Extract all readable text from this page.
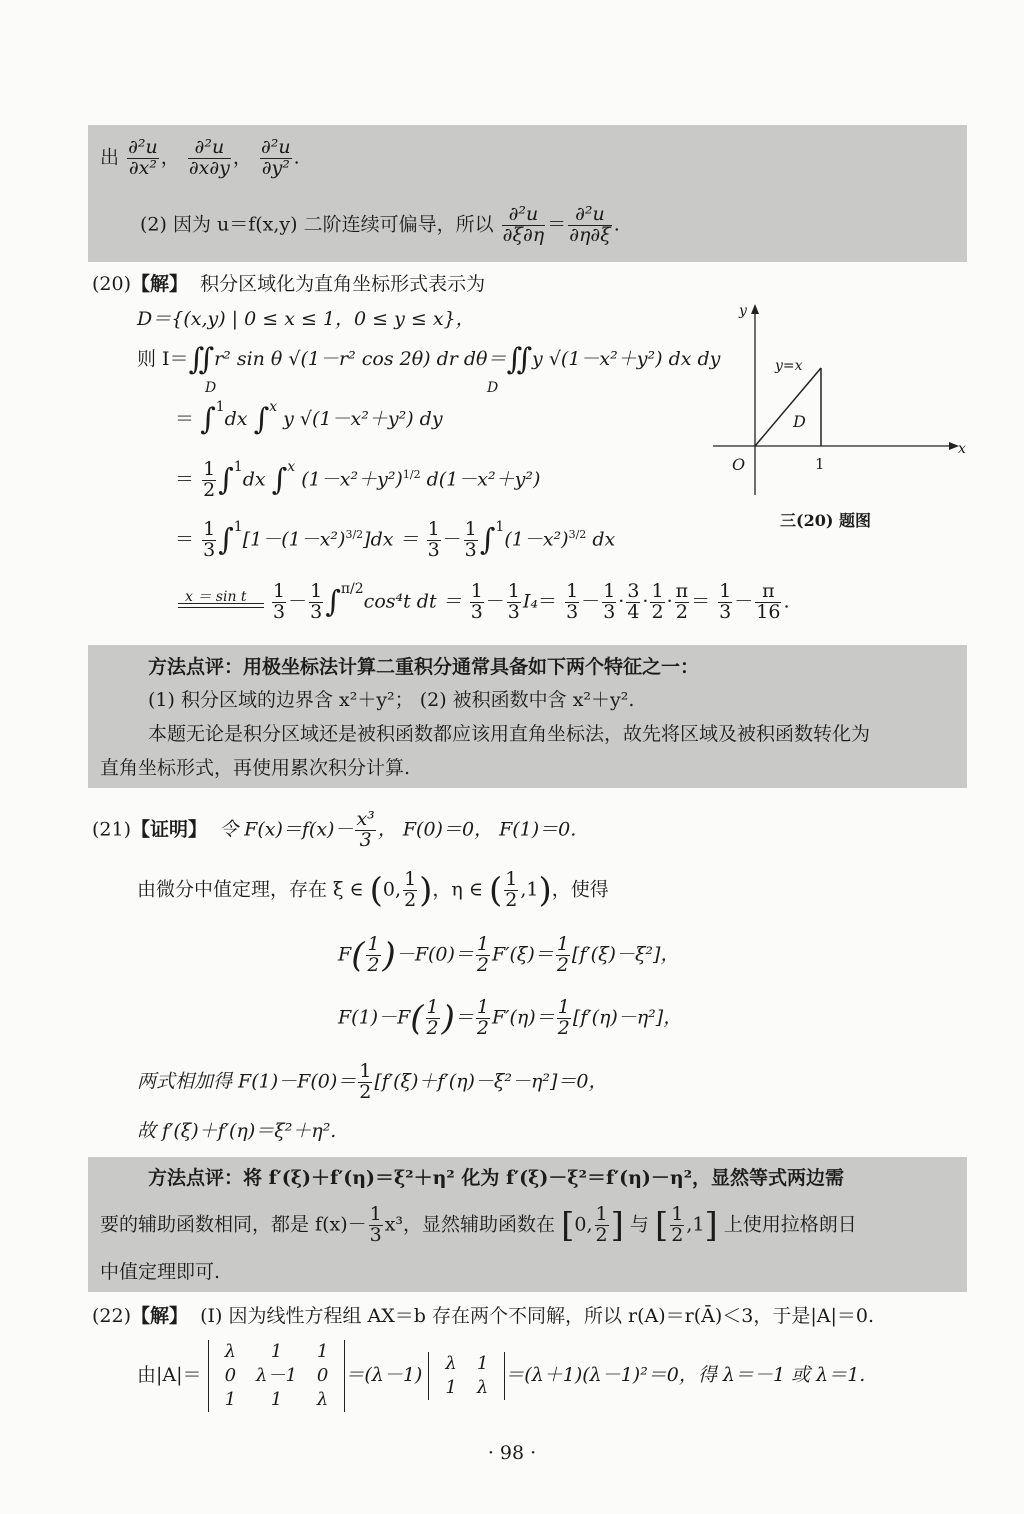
出 $\frac{\text{∂²u}}{\text{∂x²}}$ ， $\frac{\text{∂²u}}{\partial x\partial y}$ ， $\frac{\text{∂²u}}{\text{∂y²}}$ .
(2) 因为 u＝f(x,y) 二阶连续可偏导，所以 $\frac{\text{∂²u}}{\partial\xi\partial\eta} = \frac{\text{∂²u}}{\partial\eta\partial\xi}$ .
(20)【解】 积分区域化为直角坐标形式表示为
D＝{(x,y) | 0 ≤ x ≤ 1，0 ≤ y ≤ x}，
则 I＝∬r² sin θ √(1－r² cos 2θ) dr dθ＝∬y √(1－x²＋y²) dx dy
D	D
＝ ∫$^1$dx ∫$^x$ y √(1－x²＋y²) dy
＝ $\frac{1}{2} \int^1dx$ ∫$^x$ $(1-x^2+y^2)^{1/2}$ d(1－x²＋y²)
＝ $\frac{1}{3} \int^1[1-(1-x^2)^{3/2}]dx = \frac{1}{3} - \frac{1}{3} \int^1(1-x^2)^{3/2}$ dx
x ＝ sin t $\frac{1}{3} - \frac{1}{3} \int^{\pi/2}\cos^4t$ dt ＝ $\frac{1}{3} - \frac{1}{3} I_4= \frac{1}{3} - \frac{1}{3} \cdot \frac{3}{4} \cdot \frac{1}{2} \cdot \frac{\pi}{2} = \frac{1}{3} - \frac{\pi}{16}$ .
y
x
y=x
D
O	1
三(20) 题图
方法点评：用极坐标法计算二重积分通常具备如下两个特征之一：
(1) 积分区域的边界含 x²＋y²； (2) 被积函数中含 x²＋y².
本题无论是积分区域还是被积函数都应该用直角坐标法，故先将区域及被积函数转化为
直角坐标形式，再使用累次积分计算.
(21)【证明】 令 $F(x)=f(x)- \frac{\text{x³}}{3}$ ， F(0)＝0， F(1)＝0.
由微分中值定理，存在 ξ ∈ (0, $\frac{1}{2}$ )，η ∈ ( $\frac{1}{2} ,1$)，使得
$F( \frac{1}{2} )-F(0)= \frac{1}{2} F'(\xi)= \frac{1}{2} [f'(\xi)-\xi^2]$，
$F(1)-F( \frac{1}{2}$ )＝ $\frac{1}{2} F'(\eta)= \frac{1}{2} [f'(\eta)-\eta^2]$，
两式相加得 $F(1)-F(0)= \frac{1}{2} [f'(\xi)+f'(\eta)-\xi^2-\eta^2]=0$，
故 f′(ξ)＋f′(η)＝ξ²＋η².
方法点评：将 f′(ξ)＋f′(η)＝ξ²＋η² 化为 f′(ξ)－ξ²＝f′(η)－η²，显然等式两边需
要的辅助函数相同，都是 $f(x)- \frac{1}{3} x^3$，显然辅助函数在 [0, $\frac{1}{2}$ ] 与 [ $\frac{1}{2} ,1$] 上使用拉格朗日
中值定理即可.
(22)【解】 (Ⅰ) 因为线性方程组 AX＝b 存在两个不同解，所以 r(A)＝r(Ā)＜3，于是|A|＝0.
由|A|＝
λ	1	1
0	λ－1	0
1	1	λ
＝(λ－1)
λ	1
1	λ
＝(λ＋1)(λ－1)²＝0，得 λ＝－1 或 λ＝1.
· 98 ·
